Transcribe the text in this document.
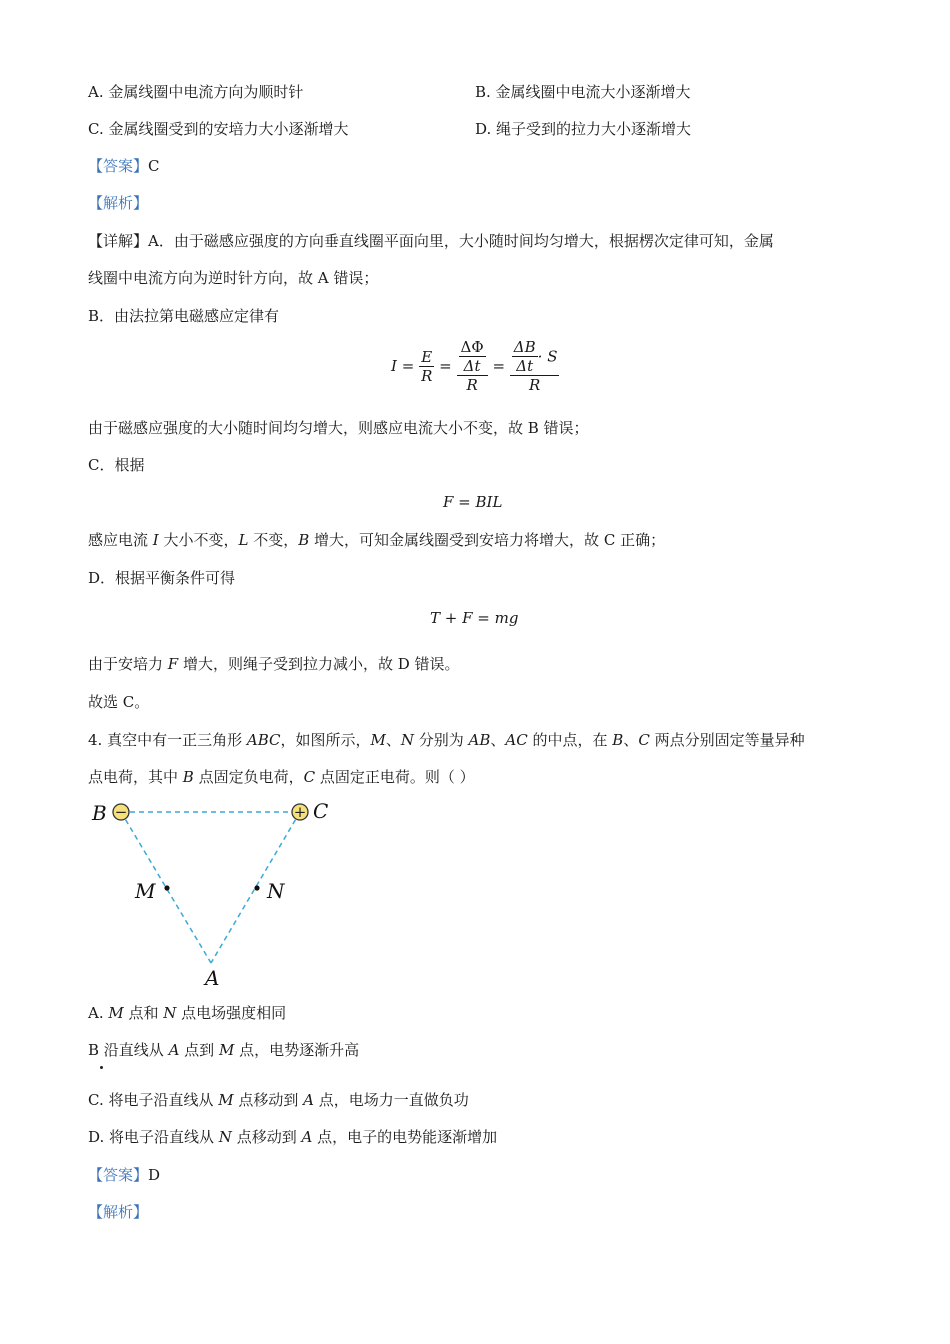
A. 金属线圈中电流方向为顺时针	B. 金属线圈中电流大小逐渐增大
C. 金属线圈受到的安培力大小逐渐增大	D. 绳子受到的拉力大小逐渐增大
【答案】C
【解析】
【详解】A．由于磁感应强度的方向垂直线圈平面向里，大小随时间均匀增大，根据楞次定律可知，金属
线圈中电流方向为逆时针方向，故 A 错误；
B．由法拉第电磁感应定律有
$I = \frac{E}{R} = \frac{\frac{\Delta\Phi}{\Delta t}}{R} = \frac{\frac{\Delta B}{\Delta t} \cdot S}{R}$
由于磁感应强度的大小随时间均匀增大，则感应电流大小不变，故 B 错误；
C．根据
F = BIL
感应电流 I 大小不变，L 不变，B 增大，可知金属线圈受到安培力将增大，故 C 正确；
D．根据平衡条件可得
T + F = mg
由于安培力 F 增大，则绳子受到拉力减小，故 D 错误。
故选 C。
4. 真空中有一正三角形 ABC，如图所示，M、N 分别为 AB、AC 的中点，在 B、C 两点分别固定等量异种
点电荷，其中 B 点固定负电荷，C 点固定正电荷。则（ ）
−	+
B	C
M	N
A
A. M 点和 N 点电场强度相同
B 沿直线从 A 点到 M 点，电势逐渐升高
C. 将电子沿直线从 M 点移动到 A 点，电场力一直做负功
D. 将电子沿直线从 N 点移动到 A 点，电子的电势能逐渐增加
【答案】D
【解析】
